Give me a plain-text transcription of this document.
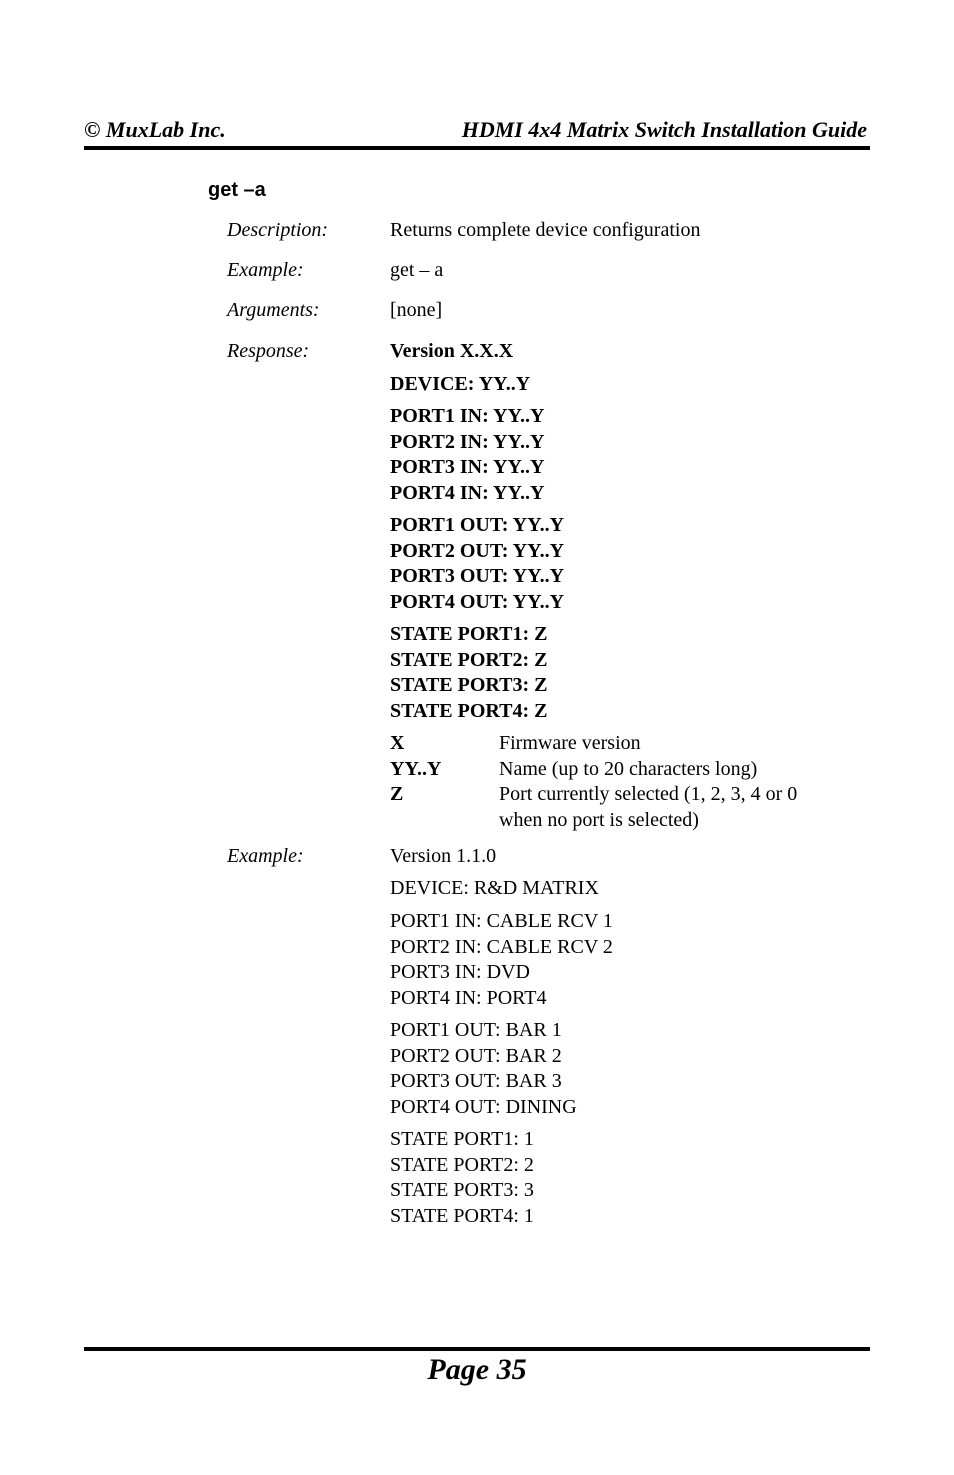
© MuxLab Inc.	HDMI 4x4 Matrix Switch Installation Guide
get –a
Description:	Returns complete device configuration
Example:	get – a
Arguments:	[none]
Response:	Version X.X.X
DEVICE: YY..Y
PORT1 IN: YY..Y
PORT2 IN: YY..Y
PORT3 IN: YY..Y
PORT4 IN: YY..Y
PORT1 OUT: YY..Y
PORT2 OUT: YY..Y
PORT3 OUT: YY..Y
PORT4 OUT: YY..Y
STATE PORT1: Z
STATE PORT2: Z
STATE PORT3: Z
STATE PORT4: Z
X	Firmware version
YY..Y	Name (up to 20 characters long)
Z	Port currently selected (1, 2, 3, 4 or 0 when no port is selected)
Example:	Version 1.1.0
DEVICE: R&D MATRIX
PORT1 IN: CABLE RCV 1
PORT2 IN: CABLE RCV 2
PORT3 IN: DVD
PORT4 IN: PORT4
PORT1 OUT: BAR 1
PORT2 OUT: BAR 2
PORT3 OUT: BAR 3
PORT4 OUT: DINING
STATE PORT1: 1
STATE PORT2: 2
STATE PORT3: 3
STATE PORT4: 1
Page 35
